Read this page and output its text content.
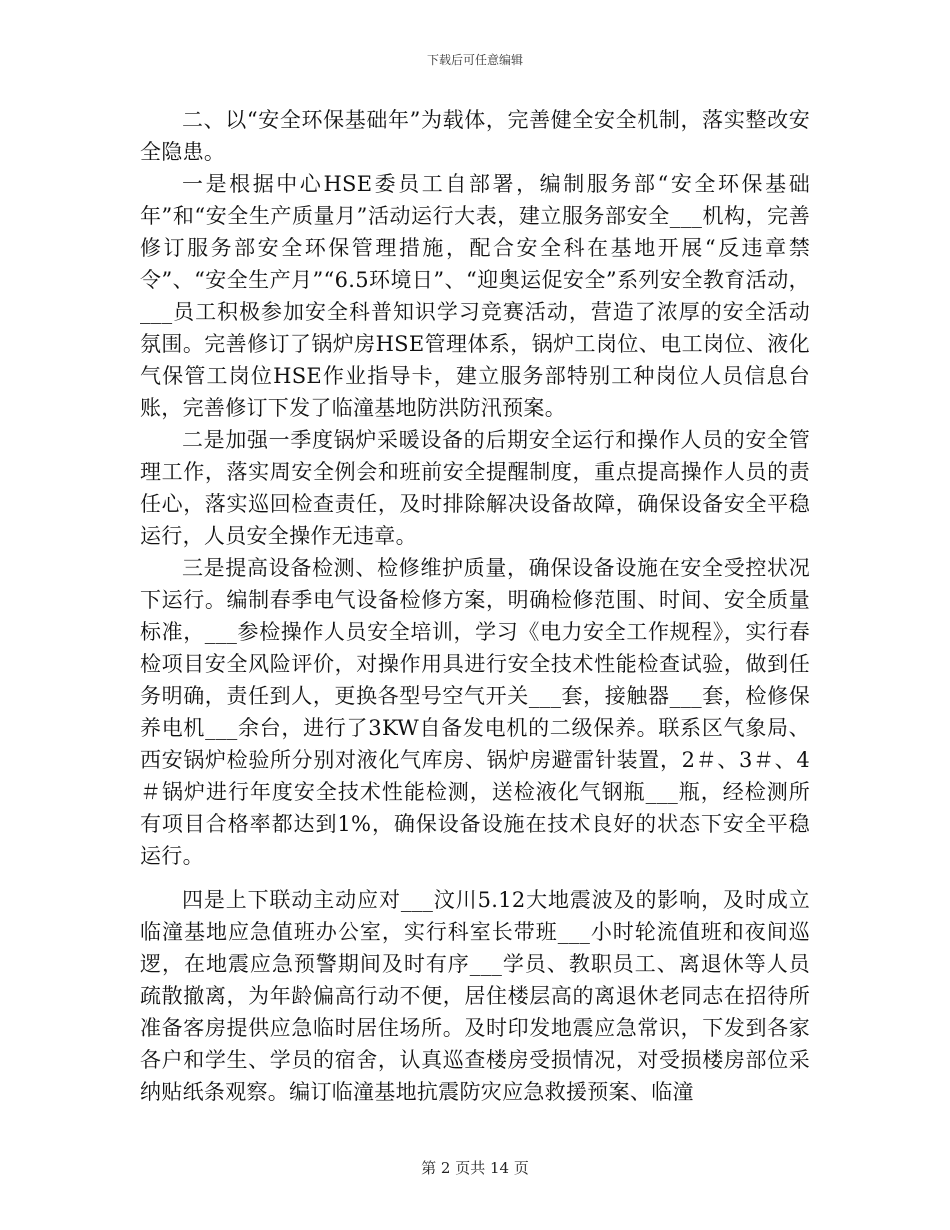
下载后可任意编辑

二、以“安全环保基础年”为载体，完善健全安全机制，落实整改安全隐患。

一是根据中心HSE委员工自部署，编制服务部“安全环保基础年”和“安全生产质量月”活动运行大表，建立服务部安全___机构，完善修订服务部安全环保管理措施，配合安全科在基地开展“反违章禁令”、“安全生产月”“6.5环境日”、“迎奥运促安全”系列安全教育活动，___员工积极参加安全科普知识学习竞赛活动，营造了浓厚的安全活动氛围。完善修订了锅炉房HSE管理体系，锅炉工岗位、电工岗位、液化气保管工岗位HSE作业指导卡，建立服务部特别工种岗位人员信息台账，完善修订下发了临潼基地防洪防汛预案。

二是加强一季度锅炉采暖设备的后期安全运行和操作人员的安全管理工作，落实周安全例会和班前安全提醒制度，重点提高操作人员的责任心，落实巡回检查责任，及时排除解决设备故障，确保设备安全平稳运行，人员安全操作无违章。

三是提高设备检测、检修维护质量，确保设备设施在安全受控状况下运行。编制春季电气设备检修方案，明确检修范围、时间、安全质量标准，___参检操作人员安全培训，学习《电力安全工作规程》，实行春检项目安全风险评价，对操作用具进行安全技术性能检查试验，做到任务明确，责任到人，更换各型号空气开关___套，接触器___套，检修保养电机___余台，进行了3KW自备发电机的二级保养。联系区气象局、西安锅炉检验所分别对液化气库房、锅炉房避雷针装置，2＃、3＃、4＃锅炉进行年度安全技术性能检测，送检液化气钢瓶___瓶，经检测所有项目合格率都达到1%，确保设备设施在技术良好的状态下安全平稳运行。

四是上下联动主动应对___汶川5.12大地震波及的影响，及时成立临潼基地应急值班办公室，实行科室长带班___小时轮流值班和夜间巡逻，在地震应急预警期间及时有序___学员、教职员工、离退休等人员疏散撤离，为年龄偏高行动不便，居住楼层高的离退休老同志在招待所准备客房提供应急临时居住场所。及时印发地震应急常识，下发到各家各户和学生、学员的宿舍，认真巡查楼房受损情况，对受损楼房部位采纳贴纸条观察。编订临潼基地抗震防灾应急救援预案、临潼

第 2 页共 14 页
